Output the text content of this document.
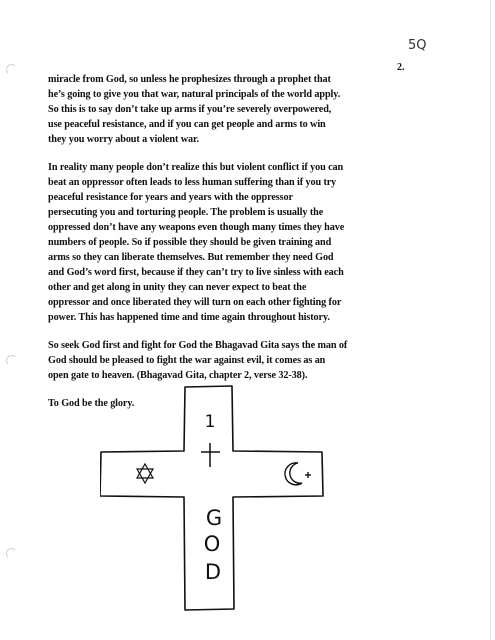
5Q
2.
miracle from God, so unless he prophesizes through a prophet that
he’s going to give you that war, natural principals of the world apply.
So this is to say don’t take up arms if you’re severely overpowered,
use peaceful resistance, and if you can get people and arms to win
they you worry about a violent war.
In reality many people don’t realize this but violent conflict if you can
beat an oppressor often leads to less human suffering than if you try
peaceful resistance for years and years with the oppressor
persecuting you and torturing people. The problem is usually the
oppressed don’t have any weapons even though many times they have
numbers of people. So if possible they should be given training and
arms so they can liberate themselves. But remember they need God
and God’s word first, because if they can’t try to live sinless with each
other and get along in unity they can never expect to beat the
oppressor and once liberated they will turn on each other fighting for
power. This has happened time and time again throughout history.
So seek God first and fight for God the Bhagavad Gita says the man of
God should be pleased to fight the war against evil, it comes as an
open gate to heaven. (Bhagavad Gita, chapter 2, verse 32-38).
To God be the glory.
1
G
O
D
